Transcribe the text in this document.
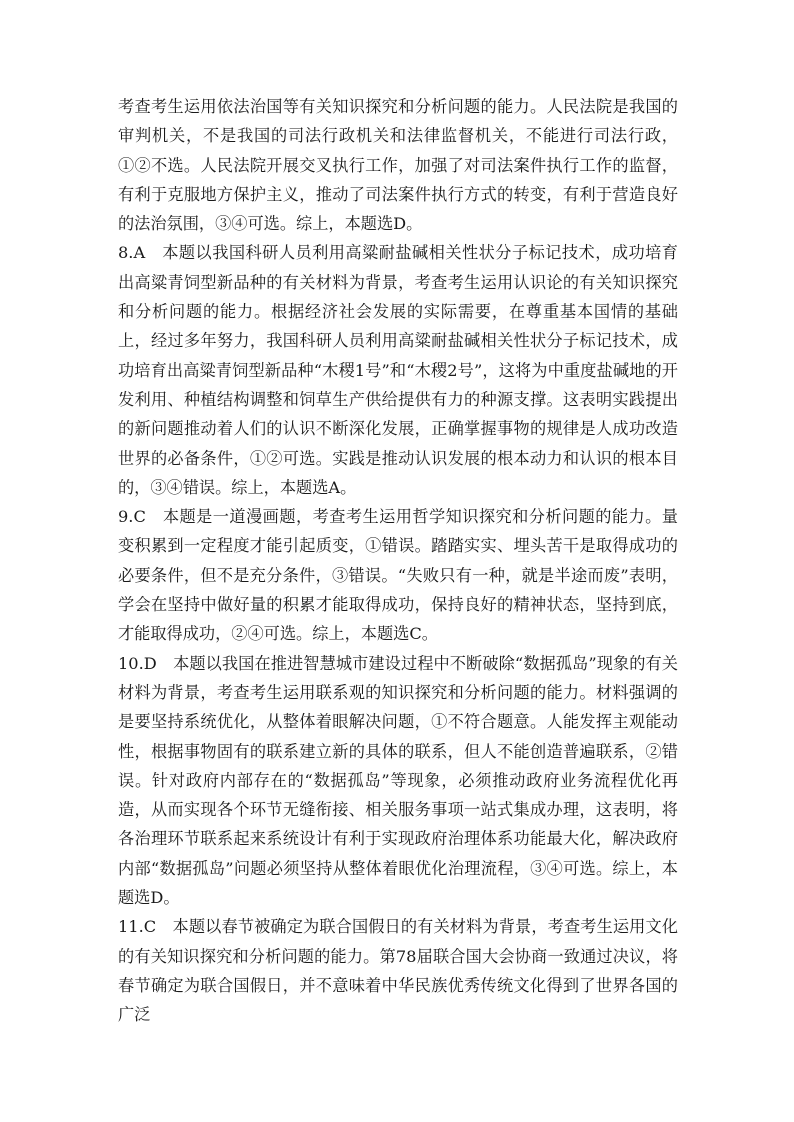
考查考生运用依法治国等有关知识探究和分析问题的能力。人民法院是我国的审判机关，不是我国的司法行政机关和法律监督机关，不能进行司法行政，①②不选。人民法院开展交叉执行工作，加强了对司法案件执行工作的监督，有利于克服地方保护主义，推动了司法案件执行方式的转变，有利于营造良好的法治氛围，③④可选。综上，本题选D。

8.A　本题以我国科研人员利用高粱耐盐碱相关性状分子标记技术，成功培育出高粱青饲型新品种的有关材料为背景，考查考生运用认识论的有关知识探究和分析问题的能力。根据经济社会发展的实际需要，在尊重基本国情的基础上，经过多年努力，我国科研人员利用高粱耐盐碱相关性状分子标记技术，成功培育出高粱青饲型新品种“木稷1号”和“木稷2号”，这将为中重度盐碱地的开发利用、种植结构调整和饲草生产供给提供有力的种源支撑。这表明实践提出的新问题推动着人们的认识不断深化发展，正确掌握事物的规律是人成功改造世界的必备条件，①②可选。实践是推动认识发展的根本动力和认识的根本目的，③④错误。综上，本题选A。

9.C　本题是一道漫画题，考查考生运用哲学知识探究和分析问题的能力。量变积累到一定程度才能引起质变，①错误。踏踏实实、埋头苦干是取得成功的必要条件，但不是充分条件，③错误。“失败只有一种，就是半途而废”表明，学会在坚持中做好量的积累才能取得成功，保持良好的精神状态，坚持到底，才能取得成功，②④可选。综上，本题选C。

10.D　本题以我国在推进智慧城市建设过程中不断破除“数据孤岛”现象的有关材料为背景，考查考生运用联系观的知识探究和分析问题的能力。材料强调的是要坚持系统优化，从整体着眼解决问题，①不符合题意。人能发挥主观能动性，根据事物固有的联系建立新的具体的联系，但人不能创造普遍联系，②错误。针对政府内部存在的“数据孤岛”等现象，必须推动政府业务流程优化再造，从而实现各个环节无缝衔接、相关服务事项一站式集成办理，这表明，将各治理环节联系起来系统设计有利于实现政府治理体系功能最大化，解决政府内部“数据孤岛”问题必须坚持从整体着眼优化治理流程，③④可选。综上，本题选D。

11.C　本题以春节被确定为联合国假日的有关材料为背景，考查考生运用文化的有关知识探究和分析问题的能力。第78届联合国大会协商一致通过决议，将春节确定为联合国假日，并不意味着中华民族优秀传统文化得到了世界各国的广泛
